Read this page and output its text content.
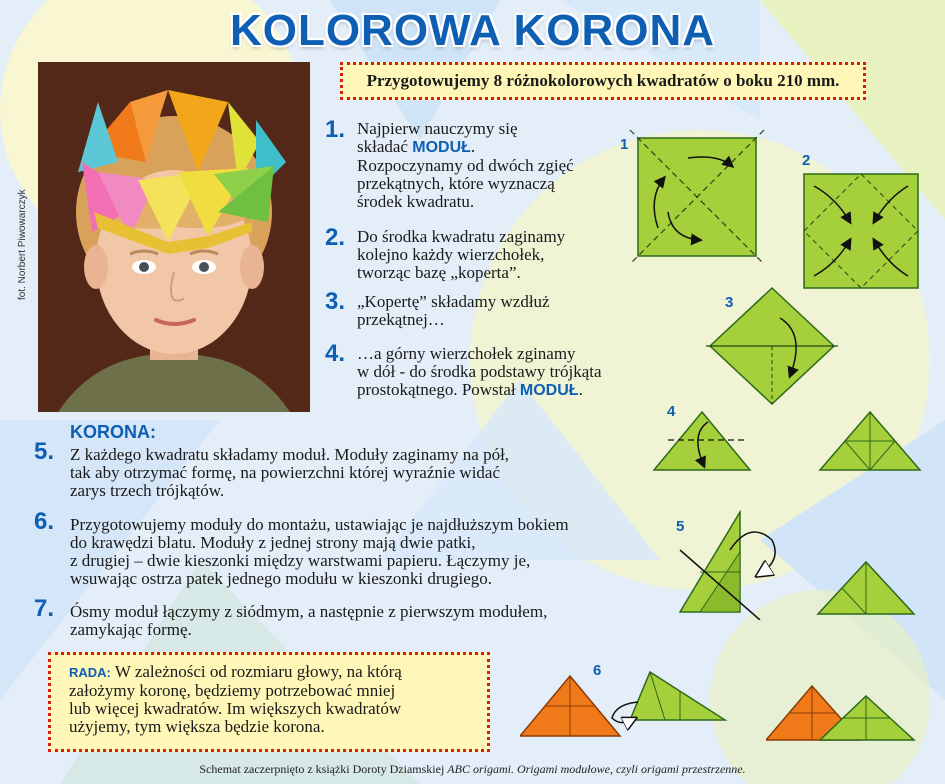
KOLOROWA KORONA
Przygotowujemy 8 różnokolorowych kwadratów o boku 210 mm.
fot. Norbert Piwowarczyk
1. Najpierw nauczymy się
składać MODUŁ.
Rozpoczynamy od dwóch zgięć
przekątnych, które wyznaczą
środek kwadratu.
2. Do środka kwadratu zaginamy
kolejno każdy wierzchołek,
tworząc bazę „koperta”.
3. „Kopertę” składamy wzdłuż
przekątnej…
4. …a górny wierzchołek zginamy
w dół - do środka podstawy trójkąta
prostokątnego. Powstał MODUŁ.
KORONA:
5. Z każdego kwadratu składamy moduł. Moduły zaginamy na pół,
tak aby otrzymać formę, na powierzchni której wyraźnie widać
zarys trzech trójkątów.
6. Przygotowujemy moduły do montażu, ustawiając je najdłuższym bokiem
do krawędzi blatu. Moduły z jednej strony mają dwie patki,
z drugiej – dwie kieszonki między warstwami papieru. Łączymy je,
wsuwając ostrza patek jednego modułu w kieszonki drugiego.
7. Ósmy moduł łączymy z siódmym, a następnie z pierwszym modułem,
zamykając formę.
RADA: W zależności od rozmiaru głowy, na którą
założymy koronę, będziemy potrzebować mniej
lub więcej kwadratów. Im większych kwadratów
użyjemy, tym większa będzie korona.
1
2
3
4
5
6
Schemat zaczerpnięto z książki Doroty Dziamskiej ABC origami. Origami modułowe, czyli origami przestrzenne.
